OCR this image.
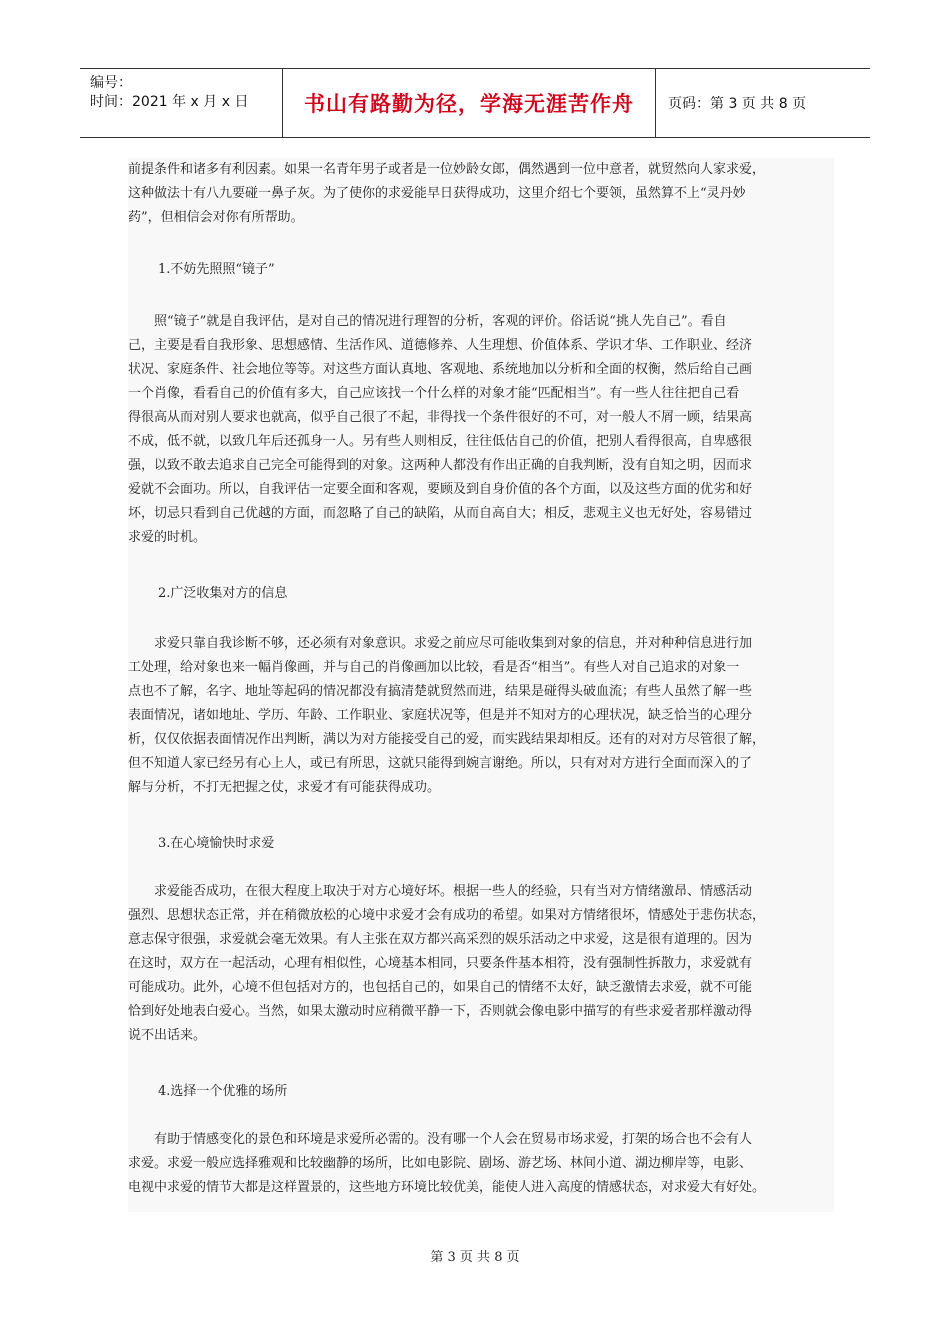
编号：
时间：2021 年 x 月 x 日	书山有路勤为径，学海无涯苦作舟	页码：第 3 页 共 8 页
前提条件和诸多有利因素。如果一名青年男子或者是一位妙龄女郎，偶然遇到一位中意者，就贸然向人家求爱，
这种做法十有八九要碰一鼻子灰。为了使你的求爱能早日获得成功，这里介绍七个要领，虽然算不上“灵丹妙
药”，但相信会对你有所帮助。
1.不妨先照照“镜子”
　　照“镜子”就是自我评估，是对自己的情况进行理智的分析，客观的评价。俗话说“挑人先自己”。看自
己，主要是看自我形象、思想感情、生活作风、道德修养、人生理想、价值体系、学识才华、工作职业、经济
状况、家庭条件、社会地位等等。对这些方面认真地、客观地、系统地加以分析和全面的权衡，然后给自己画
一个肖像，看看自己的价值有多大，自己应该找一个什么样的对象才能“匹配相当”。有一些人往往把自己看
得很高从而对别人要求也就高，似乎自己很了不起，非得找一个条件很好的不可，对一般人不屑一顾，结果高
不成，低不就，以致几年后还孤身一人。另有些人则相反，往往低估自己的价值，把别人看得很高，自卑感很
强，以致不敢去追求自己完全可能得到的对象。这两种人都没有作出正确的自我判断，没有自知之明，因而求
爱就不会面功。所以，自我评估一定要全面和客观，要顾及到自身价值的各个方面，以及这些方面的优劣和好
坏，切忌只看到自己优越的方面，而忽略了自己的缺陷，从而自高自大；相反，悲观主义也无好处，容易错过
求爱的时机。
2.广泛收集对方的信息
　　求爱只靠自我诊断不够，还必须有对象意识。求爱之前应尽可能收集到对象的信息，并对种种信息进行加
工处理，给对象也来一幅肖像画，并与自己的肖像画加以比较，看是否“相当”。有些人对自己追求的对象一
点也不了解，名字、地址等起码的情况都没有搞清楚就贸然而进，结果是碰得头破血流；有些人虽然了解一些
表面情况，诸如地址、学历、年龄、工作职业、家庭状况等，但是并不知对方的心理状况，缺乏恰当的心理分
析，仅仅依据表面情况作出判断，满以为对方能接受自己的爱，而实践结果却相反。还有的对对方尽管很了解，
但不知道人家已经另有心上人，或已有所思，这就只能得到婉言谢绝。所以，只有对对方进行全面而深入的了
解与分析，不打无把握之仗，求爱才有可能获得成功。
3.在心境愉快时求爱
　　求爱能否成功，在很大程度上取决于对方心境好坏。根据一些人的经验，只有当对方情绪激昂、情感活动
强烈、思想状态正常，并在稍微放松的心境中求爱才会有成功的希望。如果对方情绪很坏，情感处于悲伤状态，
意志保守很强，求爱就会毫无效果。有人主张在双方都兴高采烈的娱乐活动之中求爱，这是很有道理的。因为
在这时，双方在一起活动，心理有相似性，心境基本相同，只要条件基本相符，没有强制性拆散力，求爱就有
可能成功。此外，心境不但包括对方的，也包括自己的，如果自己的情绪不太好，缺乏激情去求爱，就不可能
恰到好处地表白爱心。当然，如果太激动时应稍微平静一下，否则就会像电影中描写的有些求爱者那样激动得
说不出话来。
4.选择一个优雅的场所
　　有助于情感变化的景色和环境是求爱所必需的。没有哪一个人会在贸易市场求爱，打架的场合也不会有人
求爱。求爱一般应选择雅观和比较幽静的场所，比如电影院、剧场、游艺场、林间小道、湖边柳岸等，电影、
电视中求爱的情节大都是这样置景的，这些地方环境比较优美，能使人进入高度的情感状态，对求爱大有好处。
第 3 页 共 8 页
